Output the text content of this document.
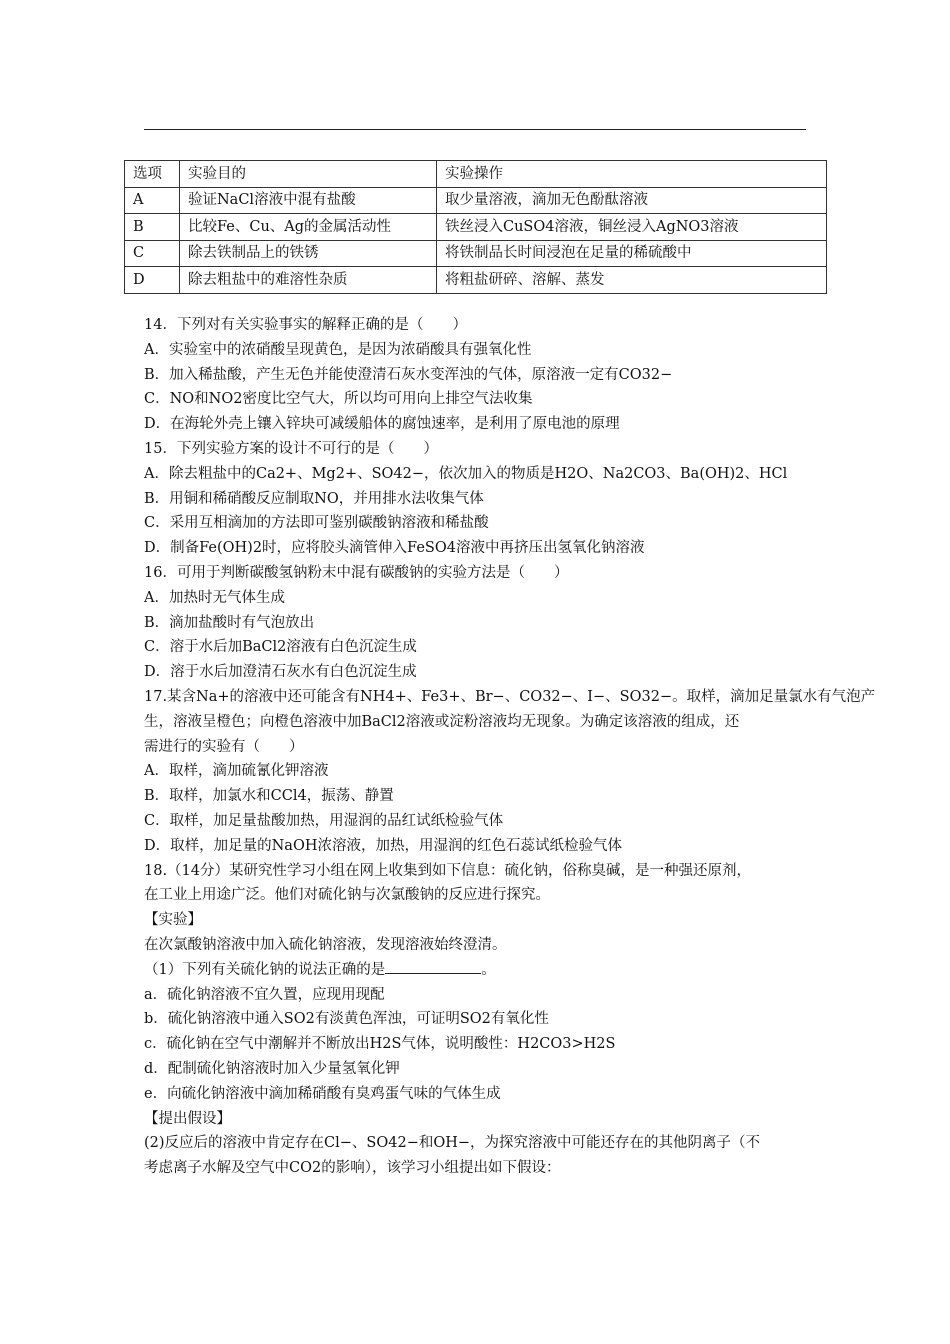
选项	实验目的	实验操作
A	验证NaCl溶液中混有盐酸	取少量溶液，滴加无色酚酞溶液
B	比较Fe、Cu、Ag的金属活动性	铁丝浸入CuSO4溶液，铜丝浸入AgNO3溶液
C	除去铁制品上的铁锈	将铁制品长时间浸泡在足量的稀硫酸中
D	除去粗盐中的难溶性杂质	将粗盐研碎、溶解、蒸发
14．下列对有关实验事实的解释正确的是（　　）
A．实验室中的浓硝酸呈现黄色，是因为浓硝酸具有强氧化性
B．加入稀盐酸，产生无色并能使澄清石灰水变浑浊的气体，原溶液一定有CO32−
C．NO和NO2密度比空气大，所以均可用向上排空气法收集
D．在海轮外壳上镶入锌块可减缓船体的腐蚀速率，是利用了原电池的原理
15．下列实验方案的设计不可行的是（　　）
A．除去粗盐中的Ca2+、Mg2+、SO42−，依次加入的物质是H2O、Na2CO3、Ba(OH)2、HCl
B．用铜和稀硝酸反应制取NO，并用排水法收集气体
C．采用互相滴加的方法即可鉴别碳酸钠溶液和稀盐酸
D．制备Fe(OH)2时，应将胶头滴管伸入FeSO4溶液中再挤压出氢氧化钠溶液
16．可用于判断碳酸氢钠粉末中混有碳酸钠的实验方法是（　　）
A．加热时无气体生成
B．滴加盐酸时有气泡放出
C．溶于水后加BaCl2溶液有白色沉淀生成
D．溶于水后加澄清石灰水有白色沉淀生成
17.某含Na+的溶液中还可能含有NH4+、Fe3+、Br−、CO32−、I−、SO32−。取样，滴加足量氯水有气泡产
生，溶液呈橙色；向橙色溶液中加BaCl2溶液或淀粉溶液均无现象。为确定该溶液的组成，还
需进行的实验有（　　）
A．取样，滴加硫氰化钾溶液
B．取样，加氯水和CCl4，振荡、静置
C．取样，加足量盐酸加热，用湿润的品红试纸检验气体
D．取样，加足量的NaOH浓溶液，加热，用湿润的红色石蕊试纸检验气体
18.（14分）某研究性学习小组在网上收集到如下信息：硫化钠，俗称臭碱，是一种强还原剂，
在工业上用途广泛。他们对硫化钠与次氯酸钠的反应进行探究。
【实验】
在次氯酸钠溶液中加入硫化钠溶液，发现溶液始终澄清。
（1）下列有关硫化钠的说法正确的是	。
a．硫化钠溶液不宜久置，应现用现配
b．硫化钠溶液中通入SO2有淡黄色浑浊，可证明SO2有氧化性
c．硫化钠在空气中潮解并不断放出H2S气体，说明酸性：H2CO3>H2S
d．配制硫化钠溶液时加入少量氢氧化钾
e．向硫化钠溶液中滴加稀硝酸有臭鸡蛋气味的气体生成
【提出假设】
(2)反应后的溶液中肯定存在Cl−、SO42−和OH−，为探究溶液中可能还存在的其他阴离子（不
考虑离子水解及空气中CO2的影响），该学习小组提出如下假设：
